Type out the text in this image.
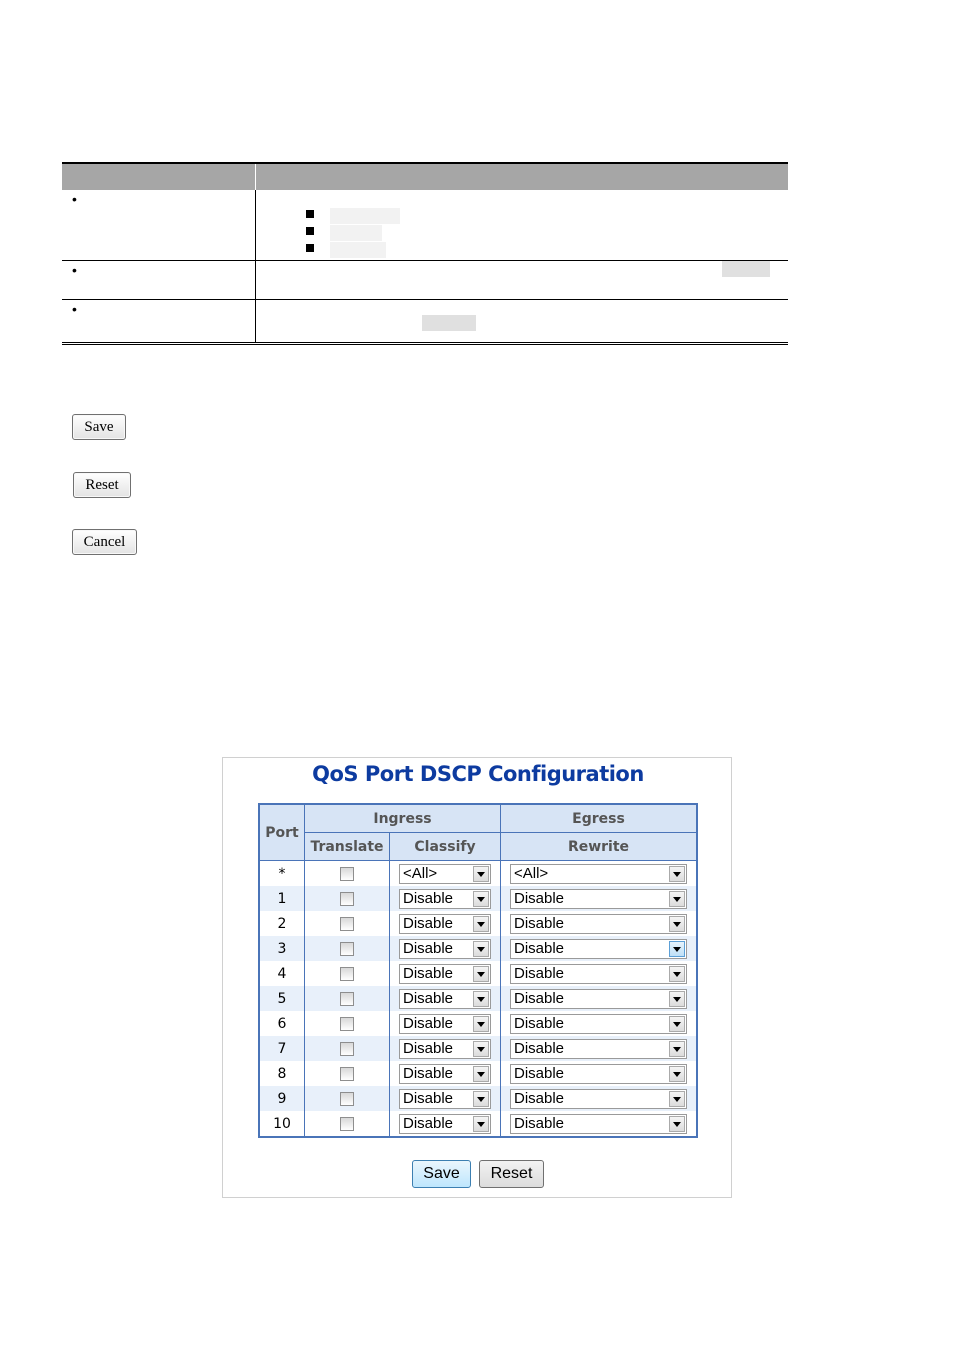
•
•
•
Save
Reset
Cancel
QoS Port DSCP Configuration
Port	Ingress		Egress
	Translate	Classify	Rewrite
*		<All>	<All>

1		Disable	Disable

2		Disable	Disable

3		Disable	Disable

4		Disable	Disable

5		Disable	Disable

6		Disable	Disable

7		Disable	Disable

8		Disable	Disable

9		Disable	Disable

10		Disable	Disable
Save	Reset
